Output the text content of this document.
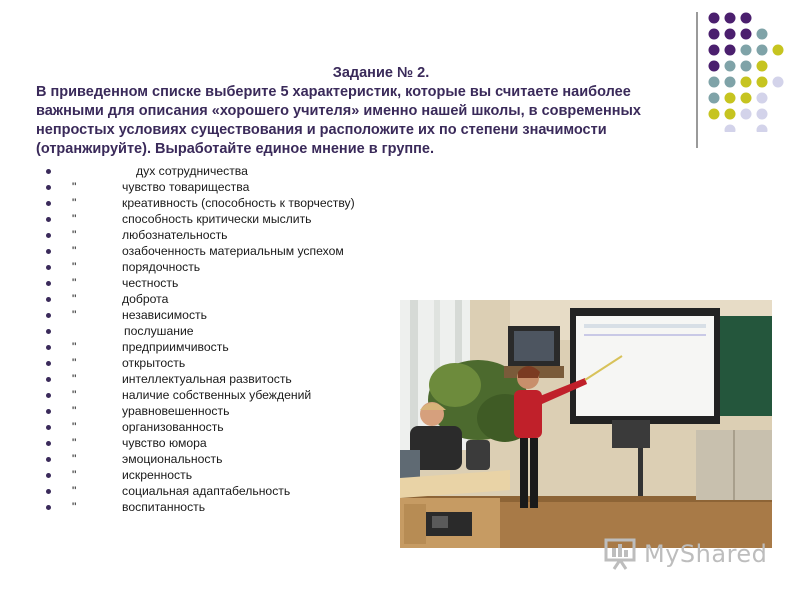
Задание № 2.
В приведенном списке выберите 5 характеристик, которые вы считаете наиболее важными для описания «хорошего учителя» именно нашей школы, в современных непростых условиях существования и расположите их по степени значимости (отранжируйте). Выработайте единое мнение в группе.
дух сотрудничества
"	чувство товарищества
"	креативность (способность к творчеству)
"	способность критически мыслить
"	любознательность
"	озабоченность материальным успехом
"	порядочность
"	честность
"	доброта
"	независимость
послушание
"	предприимчивость
"	открытость
"	интеллектуальная развитость
"	наличие собственных убеждений
"	уравновешенность
"	организованность
"	чувство юмора
"	эмоциональность
"	искренность
"	социальная адаптабельность
"	воспитанность
MyShared
